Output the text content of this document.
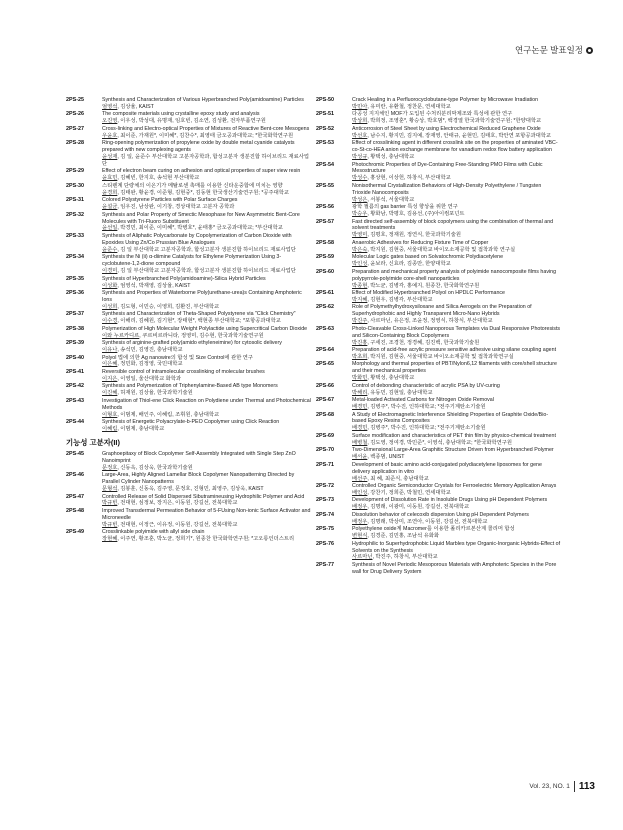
연구논문 발표일정
2PS-25	Synthesis and Characterization of Various Hyperbranched Poly(amidoamine) Particles
엄영석, 김상율, KAIST
2PS-26	The composite materials using crystalline epoxy study and analysis
오진영, 이우성, 박성대, 유명재, 임호빈, 김소연, 김성환, 전자부품연구원
2PS-27	Cross-linking and Electro-optical Properties of Mixtures of Reactive Bent-core Mesogens
우윤호, 최이준, 가재원*, 이미혜*, 김찬수*, 최영태 금오공과대학교; *한국화학연구원
2PS-28	Ring-opening polymerization of propylene oxide by double metal cyanide catalysts prepared with new complexing agents
윤성재, 김 일, 윤준수 부산대학교 고분자공학과, 합성고분자 생분진합 하이브리드 재료사업단
2PS-29	Effect of electron beam curing on adhesion and optical properties of super view resin
윤효민, 김혜빈, 한지호, 송석현 부산대학교
2PS-30	스티렌계 단량체의 이온기가 메탈로센 촉매를 이용한 신타운중합에 미치는 영향
윤경희, 김태완, 황윤경, 이준형, 김현중*, 김동현 한국생산기술연구원; *공주대학교
2PS-31	Colored Polystyrene Particles with Polar Surface Charges
윤설금, 임우진, 남상완, 이기창, 경상대학교 고분자 공학과
2PS-32	Synthesis and Polar Property of Smectic Mesophase for New Asymmetric Bent-Core Molecules with Tri-Fluoro Substituent
윤선일, 박경민, 최이준, 이미혜*, 박병호*, 윤태홍* 금오공과대학교; *부산대학교
2PS-33	Synthesis of Aliphatic Polycarbonate by Copolymerization of Carbon Dioxide with Epoxides Using Zn/Co Prussian Blue Analogues
윤준수, 김 일 부산대학교 고분자공학과, 합성고분자 생분진합 하이브리드 재료사업단
2PS-34	Synthesis the Ni (ii) α-diimine Catalysts for Ethylene Polymerization Using 3-cyclobutene-1,2-dione compound
이경미, 김 일 부산대학교 고분자공학과, 합성고분자 생분진합 하이브리드 재료사업단
2PS-35	Synthesis of Hyperbranched Poly(amidoamine)-Silica Hybrid Particles
이성화, 엄영석, 박재영, 김상율, KAIST
2PS-36	Synthesis and Properties of Waterborne Poly(urethane-urea)s Containing Amphoteric Ions
이성희, 김도형, 이민승, 이영희, 김환진, 부산대학교
2PS-37	Synthesis and Characterization of Theta-Shaped Polystyrene via "Click Chemistry"
이수경, 이해리, 김혜원, 김기현*, 장태현*, 백현종 부산대학교; *포항공과대학교
2PS-38	Polymerization of High Molecular Weight Polylactide using Supercritical Carbon Dioxide
이와 누르카디르, 쿠르비르라니타, 정영미, 김수현, 한국과학기술연구원
2PS-39	Synthesis of arginine-grafted poly(amido ethyleneimine) for cytosolic delivery
이유나, 송석민, 김영진, 충남대학교
2PS-40	Polyol 법에 의한 Ag nanowire의 합성 및 Size Control에 관한 연구
이은혜, 정민화, 김정영, 국민대학교
2PS-41	Reversible control of intramolecular crosslinking of molecular brushes
이지은, 이영일, 울산대학교 화학과
2PS-42	Synthesis and Polymerization of Triphenylamine-Based AB type Monomers
이진혜, 허재원, 김상율, 한국과학기술원
2PS-43	Investigation of Thiol-ene Click Reaction on Polydiene under Thermal and Photochemical Methods
이형호, 이범제, 배인주, 이혜림, 조휘원, 충남대학교
2PS-44	Synthesis of Energetic Polyacrylate-b-PEO Copolymer using Click Reaction
이혜림, 이범제, 충남대학교
기능성 고분자(II)
2PS-45	Graphoepitaxy of Block Copolymer Self-Assembly Integrated with Single Step ZnO Nanoimprint
문정호, 신동옥, 김상욱, 한국과학기술원
2PS-46	Large-Area, Highly Aligned Lamellar Block Copolymer Nanopatterning Directed by Parallel Cylinder Nanopatterns
문형석, 김봉훈, 신동옥, 김주영, 문정호, 진형민, 최영주, 김상욱, KAIST
2PS-47	Controlled Release of Solid Dispersed Sibutramineusing Hydrophilic Polymer and Acid
박규빈, 전대현, 심정보, 장지은, 이동원, 강길선, 전북대학교
2PS-48	Improved Transdermal Permeation Behavior of 5-FUsing Non-ionic Surface Activator and Microneedle
박규빈, 전대현, 이정근, 이유정, 이동원, 강길선, 전북대학교
2PS-49	Crosslinkable polyimide with allyl side chain
장현혜, 이주연, 황조훈, 박노균, 정희기*, 원종찬 한국화학연구원; *고오롱인더스트리
2PS-50	Crack Healing in a Perfluorocyclobutane-type Polymer by Microwave Irradiation
박민아, 유미란, 유환철, 정찬문, 연세대학교
2PS-51	다공성 지지체인 MOF가 도입된 수처리분리막제조와 특성에 관한 연구
박상희, 박희정, 조영훈*, 황승상, 박호범*, 백경열 한국과학기술연구원; *한양대학교
2PS-52	Anticorrosion of Steel Sheet by using Electrochemical Reduced Graphene Oxide
박선호, 남수지, 황지민, 김지예, 장재영, 안태규, 윤현민, 김태호, 박안연 포항공과대학교
2PS-53	Effect of crosslinking agent in different crosslink site on the properties of aminated VBC-co-St-co-HEA anion exchange membrane for vanadium redox flow battery application
박성규, 황택성, 충남대학교
2PS-54	Photochromic Properties of Dye-Containing Free-Standing PMO Films with Cubic Mesostructure
박성수, 홍상현, 이상헌, 하창식, 부산대학교
2PS-55	Nonisothermal Crystallization Behaviors of High-Density Polyethylene / Tungsten Trioxide Nanocomposits
박성은, 서봉석, 서울대학교
2PS-56	광학 필름의 gas barrier 특성 향상을 위한 연구
박승우, 황화남, 박평호, 김용선, (주)아이컴포넌트
2PS-57	Fast directed self-assembly of block copolymers using the combination of thermal and solvent treatments
박영미, 김평호, 정재원, 정연식, 한국과학기술원
2PS-58	Anaerobic Adhesives for Reducing Fixture Time of Copper
박은숙, 박지원, 김현중, 서울대학교 바이오소재공학 및 접착과학 연구실
2PS-59	Molecular Logic gates based on Solvatochromic Polydiacetylene
박인성, 윤보라, 신효라, 김종만, 한양대학교
2PS-60	Preparation and mechanical property analysis of polyimide nanocomposite films having polypyrrole-polyimide core-shell nanoparticles
박종현, 박노균, 김병각, 홍예지, 원종찬, 한국화학연구원
2PS-61	Effect of Modified Hyperbranched Polyol on HPDLC Performance
박지혜, 김현우, 김병각, 부산대학교
2PS-62	Role of Polymethylhydroxysiloxane and Silica Aerogels on the Preparation of Superhydrophobic and Highly Transparent Micro-Nano Hybrids
박진주, 사르마닌, 유은정, 조윤정, 정영식, 하창식, 부산대학교
2PS-63	Photo-Cleavable Cross-Linked Nanoporous Templates via Dual Responsive Photoresists and Silicon-Containing Block Copolymers
박진홍, 구세진, 조경천, 정경혜, 김진백, 한국과학기술원
2PS-64	Preparation of acid-free acrylic pressure sensitive adhesive using silane coupling agent
박초희, 박지원, 김현중, 서울대학교 바이오소재공학 및 접착과학연구실
2PS-65	Morphology and thermal properties of PBT/Nylon6,12 filaments with core/shell structure and their mechanical properties
박화민, 황택성, 충남대학교
2PS-66	Control of debonding characteristic of acrylic PSA by UV-curing
박해리, 유동민, 김현일, 충남대학교
2PS-67	Metal-loaded Activated Carbons for Nitrogen Oxide Removal
배경민, 김병주*, 박수진, 인하대학교; *전주기계탄소기술원
2PS-68	A Study of Electromagnetic Interference Shielding Properties of Graphite Oxide/Bio-based Epoxy Resins Composites
배경민, 김병주*, 박수진, 인하대학교; *전주기계탄소기술원
2PS-69	Surface modification and characteristics of PET thin film by physico-chemical treatment
배병철, 김도영, 정여경, 박민준*, 이영석, 충남대학교; *한국화학연구원
2PS-70	Two-Dimensional Large-Area Graphitic Structure Driven from Hyperbranched Polymer
배서윤, 백종범, UNIST
2PS-71	Development of basic amino acid-conjugated polydiacetylene liposomes for gene delivery application in vitro
배선주, 최 혜, 최준식, 충남대학교
2PS-72	Controlled Organic Semiconductor Crystals for Ferroelectric Memory Application Arrays
배인성, 강찬기, 정희준, 박철민, 연세대학교
2PS-73	Development of Dissolution Rate in Insoluble Drugs Using pH Dependent Polymers
배정우, 김명래, 이광미, 이동원, 강길선, 전북대학교
2PS-74	Dissolution behavior of celecoxib dispersion Using pH Dependent Polymers
배정우, 김명래, 박상미, 조연아, 이동원, 강길선, 전북대학교
2PS-75	Polyethylene oxide계 Macromer를 이용한 폴리카르본산계 콜리머 합성
변현식, 김경준, 김민홍, 조남석 유화화
2PS-76	Hydrophilic to Superhydrophobic Liquid Marbles type Organic-Inorganic Hybrids-Effect of Solvents on the Synthesis
사르마닌, 박진주, 하창식, 부산대학교
2PS-77	Synthesis of Novel Periodic Mesoporous Materials with Amphoteric Species in the Pore wall for Drug Delivery System
Vol. 23, NO. 1 113
